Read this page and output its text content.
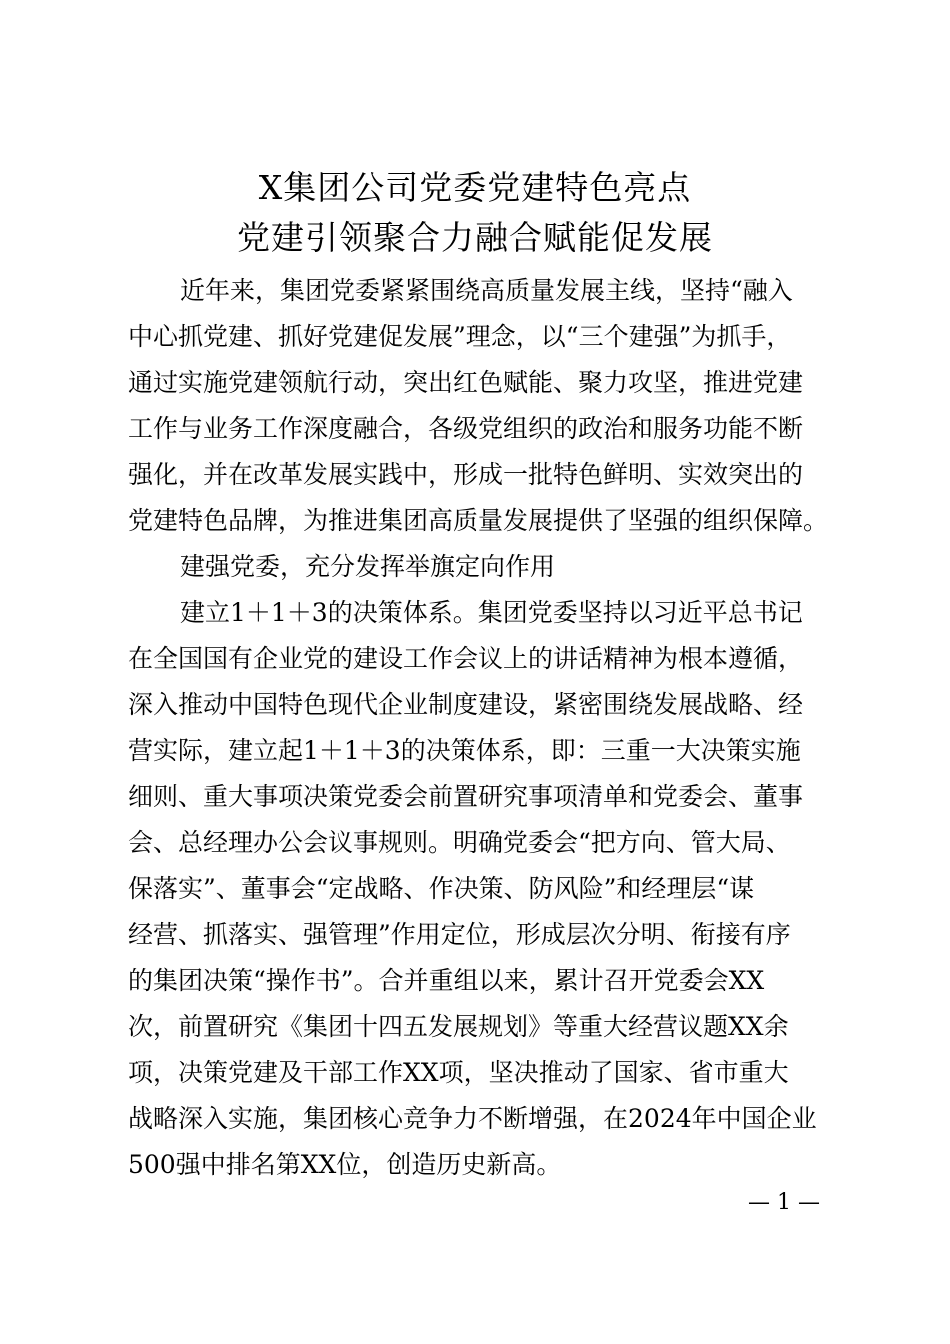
X集团公司党委党建特色亮点
党建引领聚合力融合赋能促发展
近年来，集团党委紧紧围绕高质量发展主线，坚持“融入
中心抓党建、抓好党建促发展”理念，以“三个建强”为抓手，
通过实施党建领航行动，突出红色赋能、聚力攻坚，推进党建
工作与业务工作深度融合，各级党组织的政治和服务功能不断
强化，并在改革发展实践中，形成一批特色鲜明、实效突出的
党建特色品牌，为推进集团高质量发展提供了坚强的组织保障。
建强党委，充分发挥举旗定向作用
建立1＋1＋3的决策体系。集团党委坚持以习近平总书记
在全国国有企业党的建设工作会议上的讲话精神为根本遵循，
深入推动中国特色现代企业制度建设，紧密围绕发展战略、经
营实际，建立起1＋1＋3的决策体系，即：三重一大决策实施
细则、重大事项决策党委会前置研究事项清单和党委会、董事
会、总经理办公会议事规则。明确党委会“把方向、管大局、
保落实”、董事会“定战略、作决策、防风险”和经理层“谋
经营、抓落实、强管理”作用定位，形成层次分明、衔接有序
的集团决策“操作书”。合并重组以来，累计召开党委会XX
次，前置研究《集团十四五发展规划》等重大经营议题XX余
项，决策党建及干部工作XX项，坚决推动了国家、省市重大
战略深入实施，集团核心竞争力不断增强，在2024年中国企业
500强中排名第XX位，创造历史新高。
— 1 —
